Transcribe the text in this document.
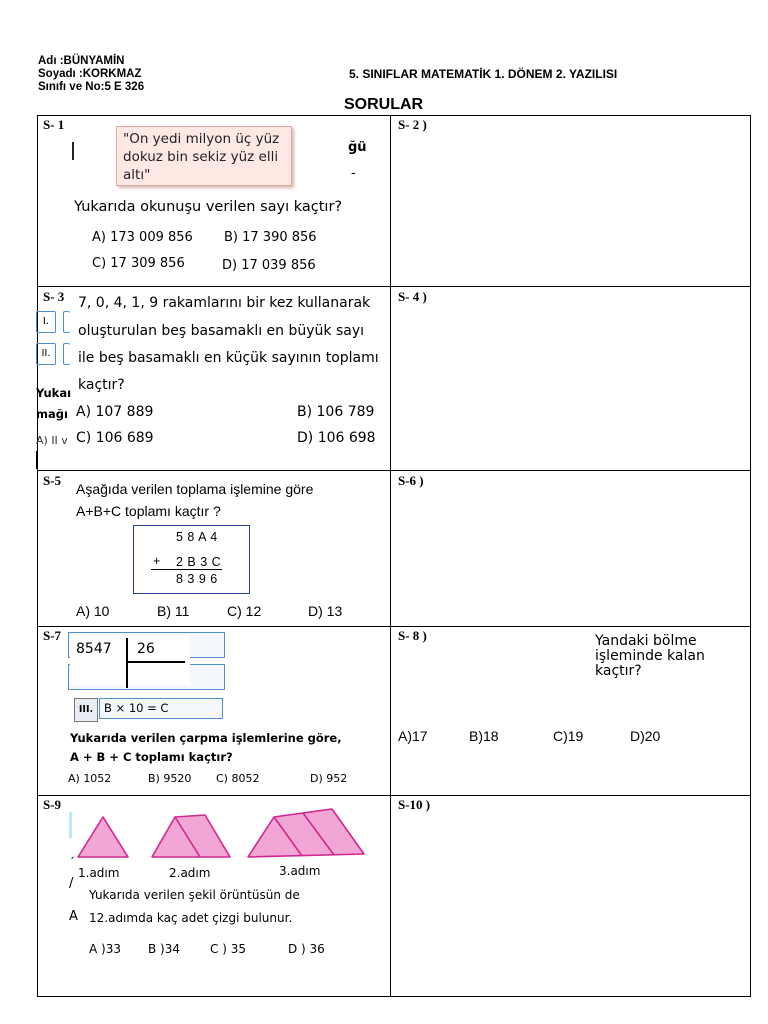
Adı :BÜNYAMİN
Soyadı :KORKMAZ
Sınıfı ve No:5 E 326
5. SINIFLAR MATEMATİK 1. DÖNEM 2. YAZILISI
SORULAR
S- 1
"On yedi milyon üç yüz dokuz bin sekiz yüz elli altı"
ğü
-
Yukarıda okunuşu verilen sayı kaçtır?
A) 173 009 856 B) 17 390 856
C) 17 309 856	D) 17 039 856
S- 2 )
S- 3
I.
II.
Yukaı
mağı
A) II v
7, 0, 4, 1, 9 rakamlarını bir kez kullanarak
oluşturulan beş basamaklı en büyük sayı
ile beş basamaklı en küçük sayının toplamı
kaçtır?
A) 107 889	B) 106 789
C) 106 689	D) 106 698
S- 4 )
S-5
Aşağıda verilen toplama işlemine göre
A+B+C toplamı kaçtır ?
5 8 A 4
+ 2 B 3 C
8 3 9 6
A) 10	B) 11	C) 12	D) 13
S-6 )
S-7
8547 26
III. B × 10 = C
Yukarıda verilen çarpma işlemlerine göre,
A + B + C toplamı kaçtır?
A) 1052	B) 9520 C) 8052	D) 952
S- 8 )	Yandaki bölme işleminde kalan kaçtır?
A)17	B)18	C)19	D)20
S-9
ˏ
/
A
1.adım	2.adım	3.adım
Yukarıda verilen şekil örüntüsün de
12.adımda kaç adet çizgi bulunur.
A )33 B )34	C ) 35	D ) 36
S-10 )
